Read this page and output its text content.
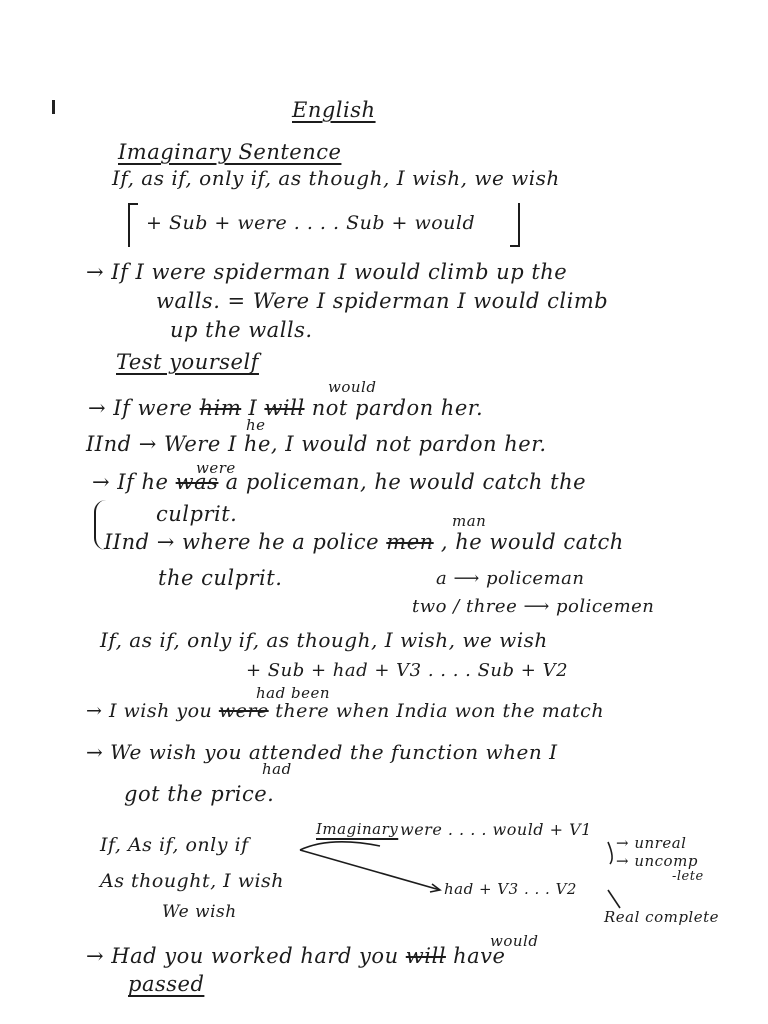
English
Imaginary Sentence
If, as if, only if, as though, I wish, we wish
+ Sub + were . . . . Sub + would
→ If I were spiderman I would climb up the
walls. = Were I spiderman I would climb
up the walls.
Test yourself
would
→ If were him I will not pardon her.
he
IInd → Were I he, I would not pardon her.
were
→ If he was a policeman, he would catch the
culprit.	man
IInd → where he a police men , he would catch
the culprit.	a ⟶ policeman
two / three ⟶ policemen
If, as if, only if, as though, I wish, we wish
+ Sub + had + V3 . . . . Sub + V2
had been
→ I wish you were there when India won the match
→ We wish you attended the function when I
had
got the price.
If, As if, only if
Imaginary were . . . . would + V1
→ unreal
→ uncomp
-lete
As thought, I wish	had + V3 . . . V2
We wish	Real complete
would
→ Had you worked hard you will have
passed
